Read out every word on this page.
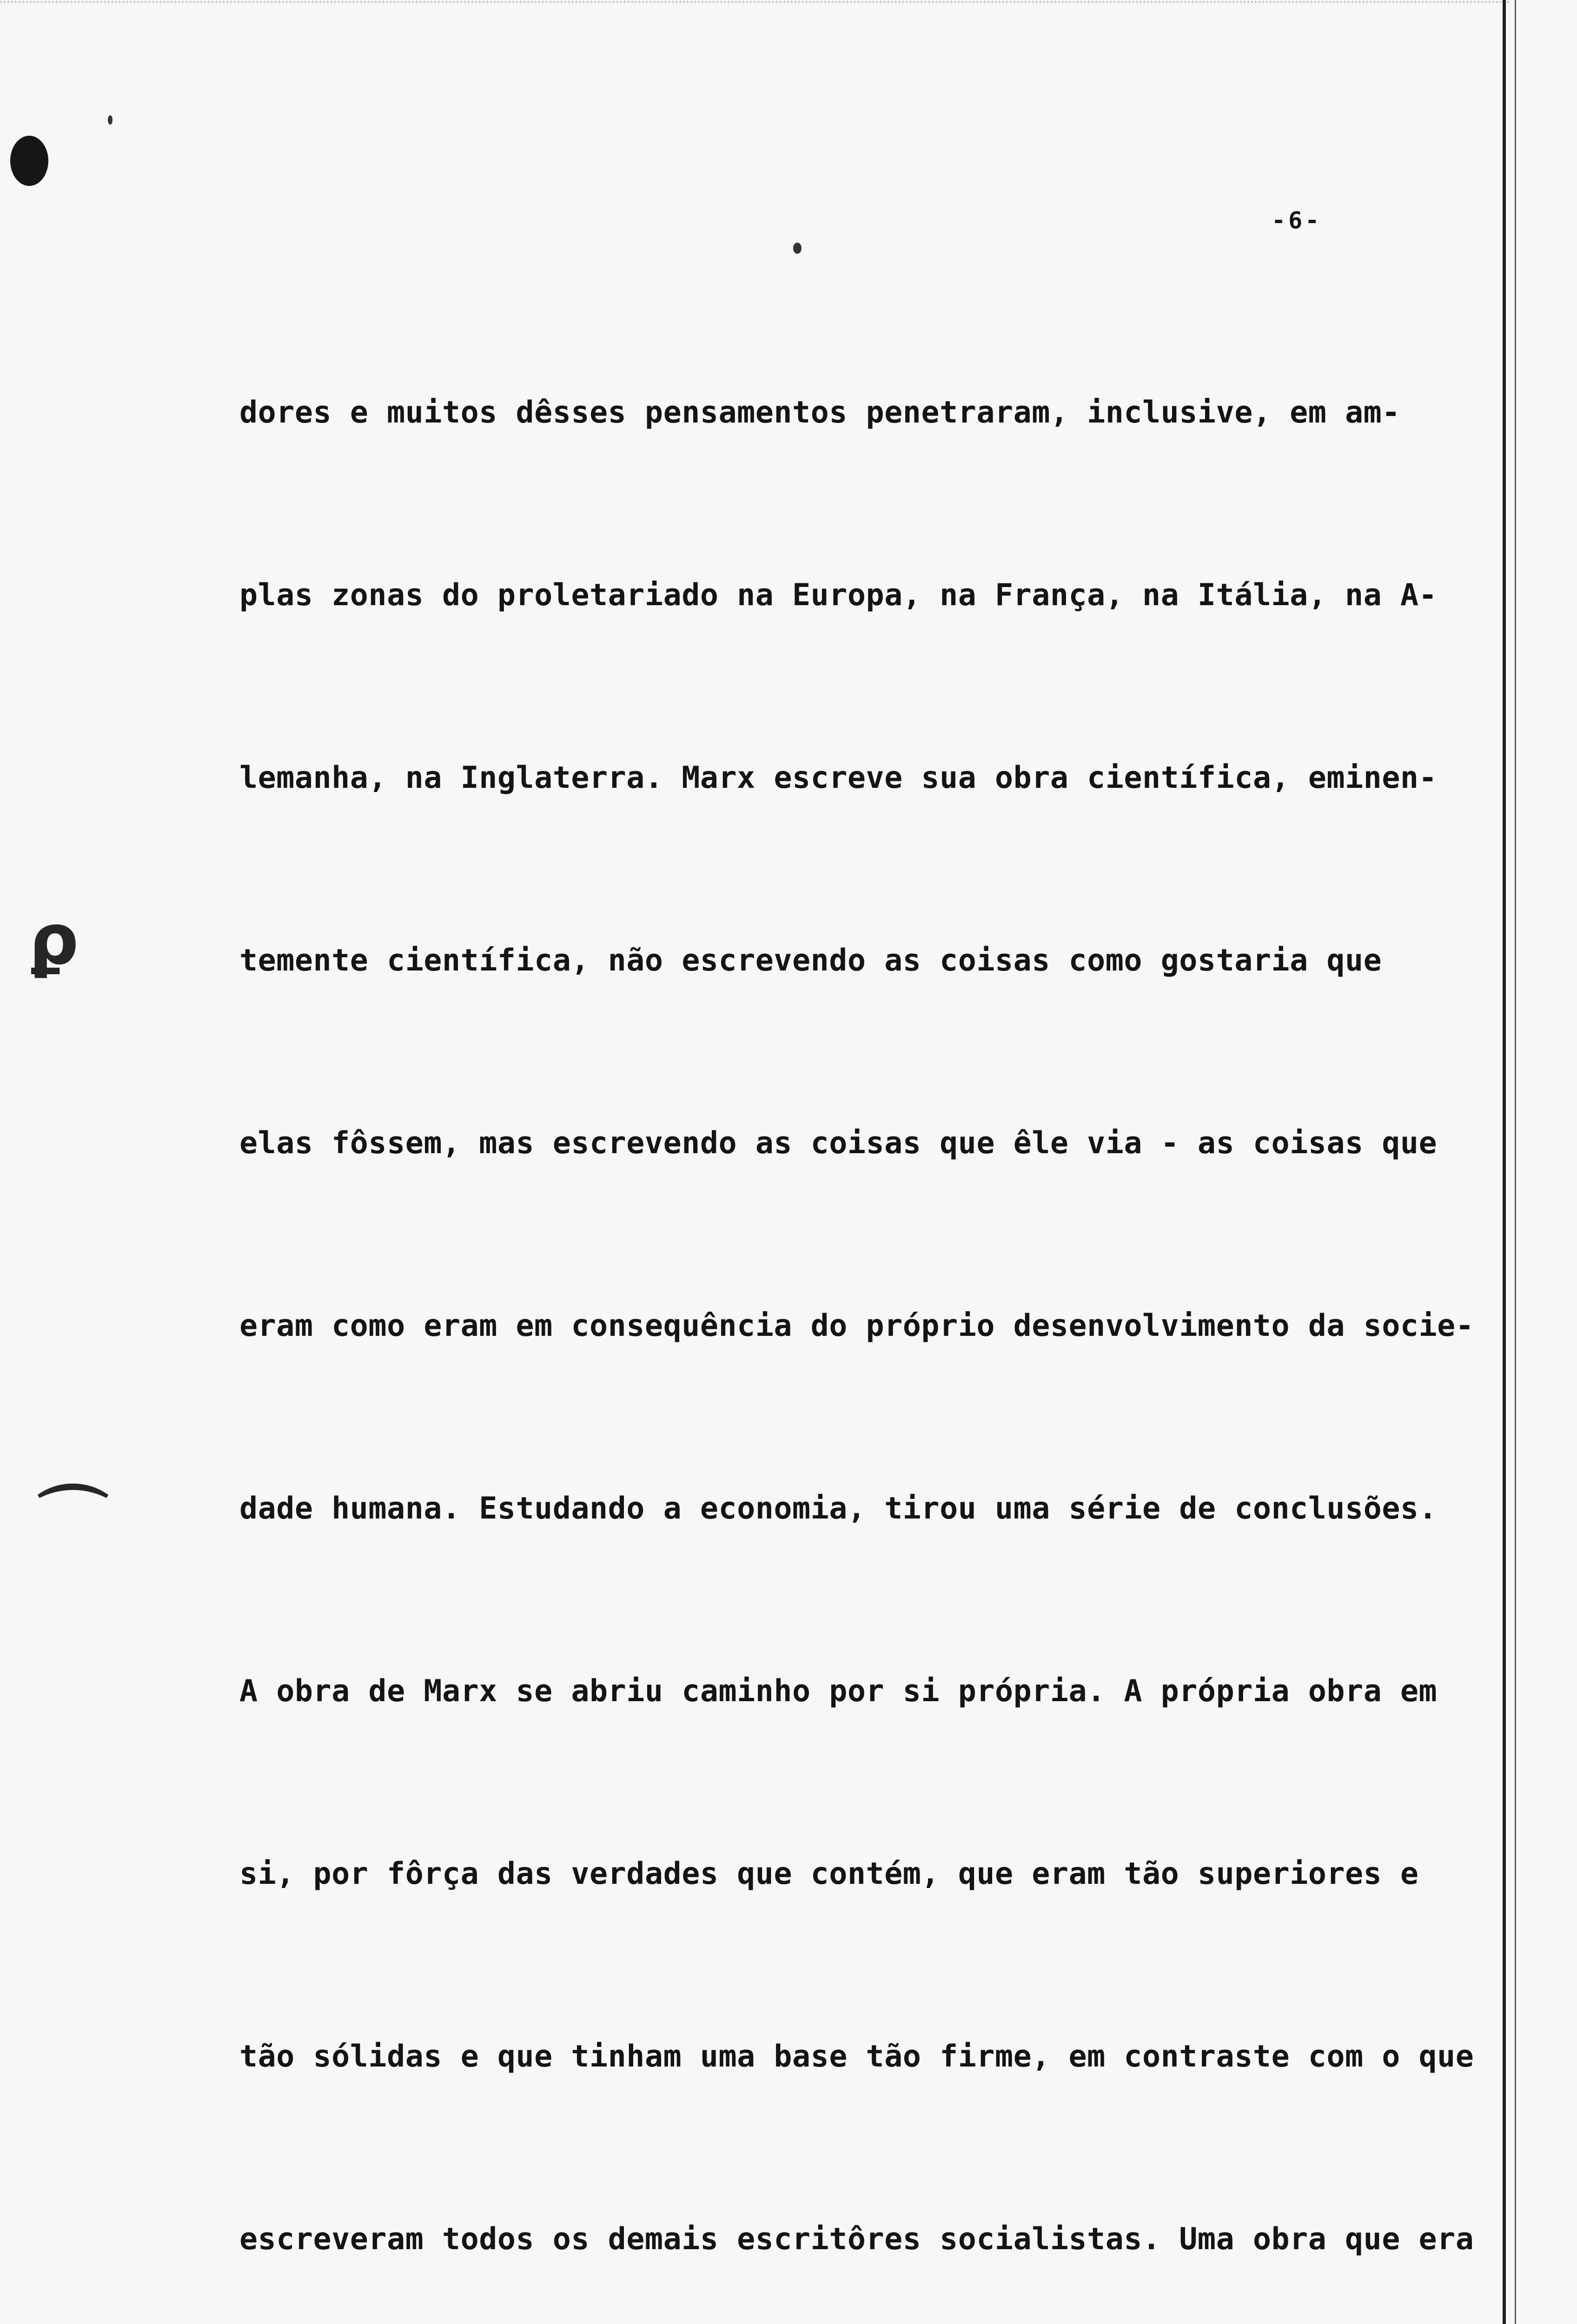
ϼ
⌒
-6-

dores e muitos dêsses pensamentos penetraram, inclusive, em am-

plas zonas do proletariado na Europa, na França, na Itália, na A-

lemanha, na Inglaterra. Marx escreve sua obra científica, eminen-

temente científica, não escrevendo as coisas como gostaria que

elas fôssem, mas escrevendo as coisas que êle via - as coisas que

eram como eram em consequência do próprio desenvolvimento da socie-

dade humana. Estudando a economia, tirou uma série de conclusões.

A obra de Marx se abriu caminho por si própria. A própria obra em

si, por fôrça das verdades que contém, que eram tão superiores e

tão sólidas e que tinham uma base tão firme, em contraste com o que

escreveram todos os demais escritôres socialistas. Uma obra que era
